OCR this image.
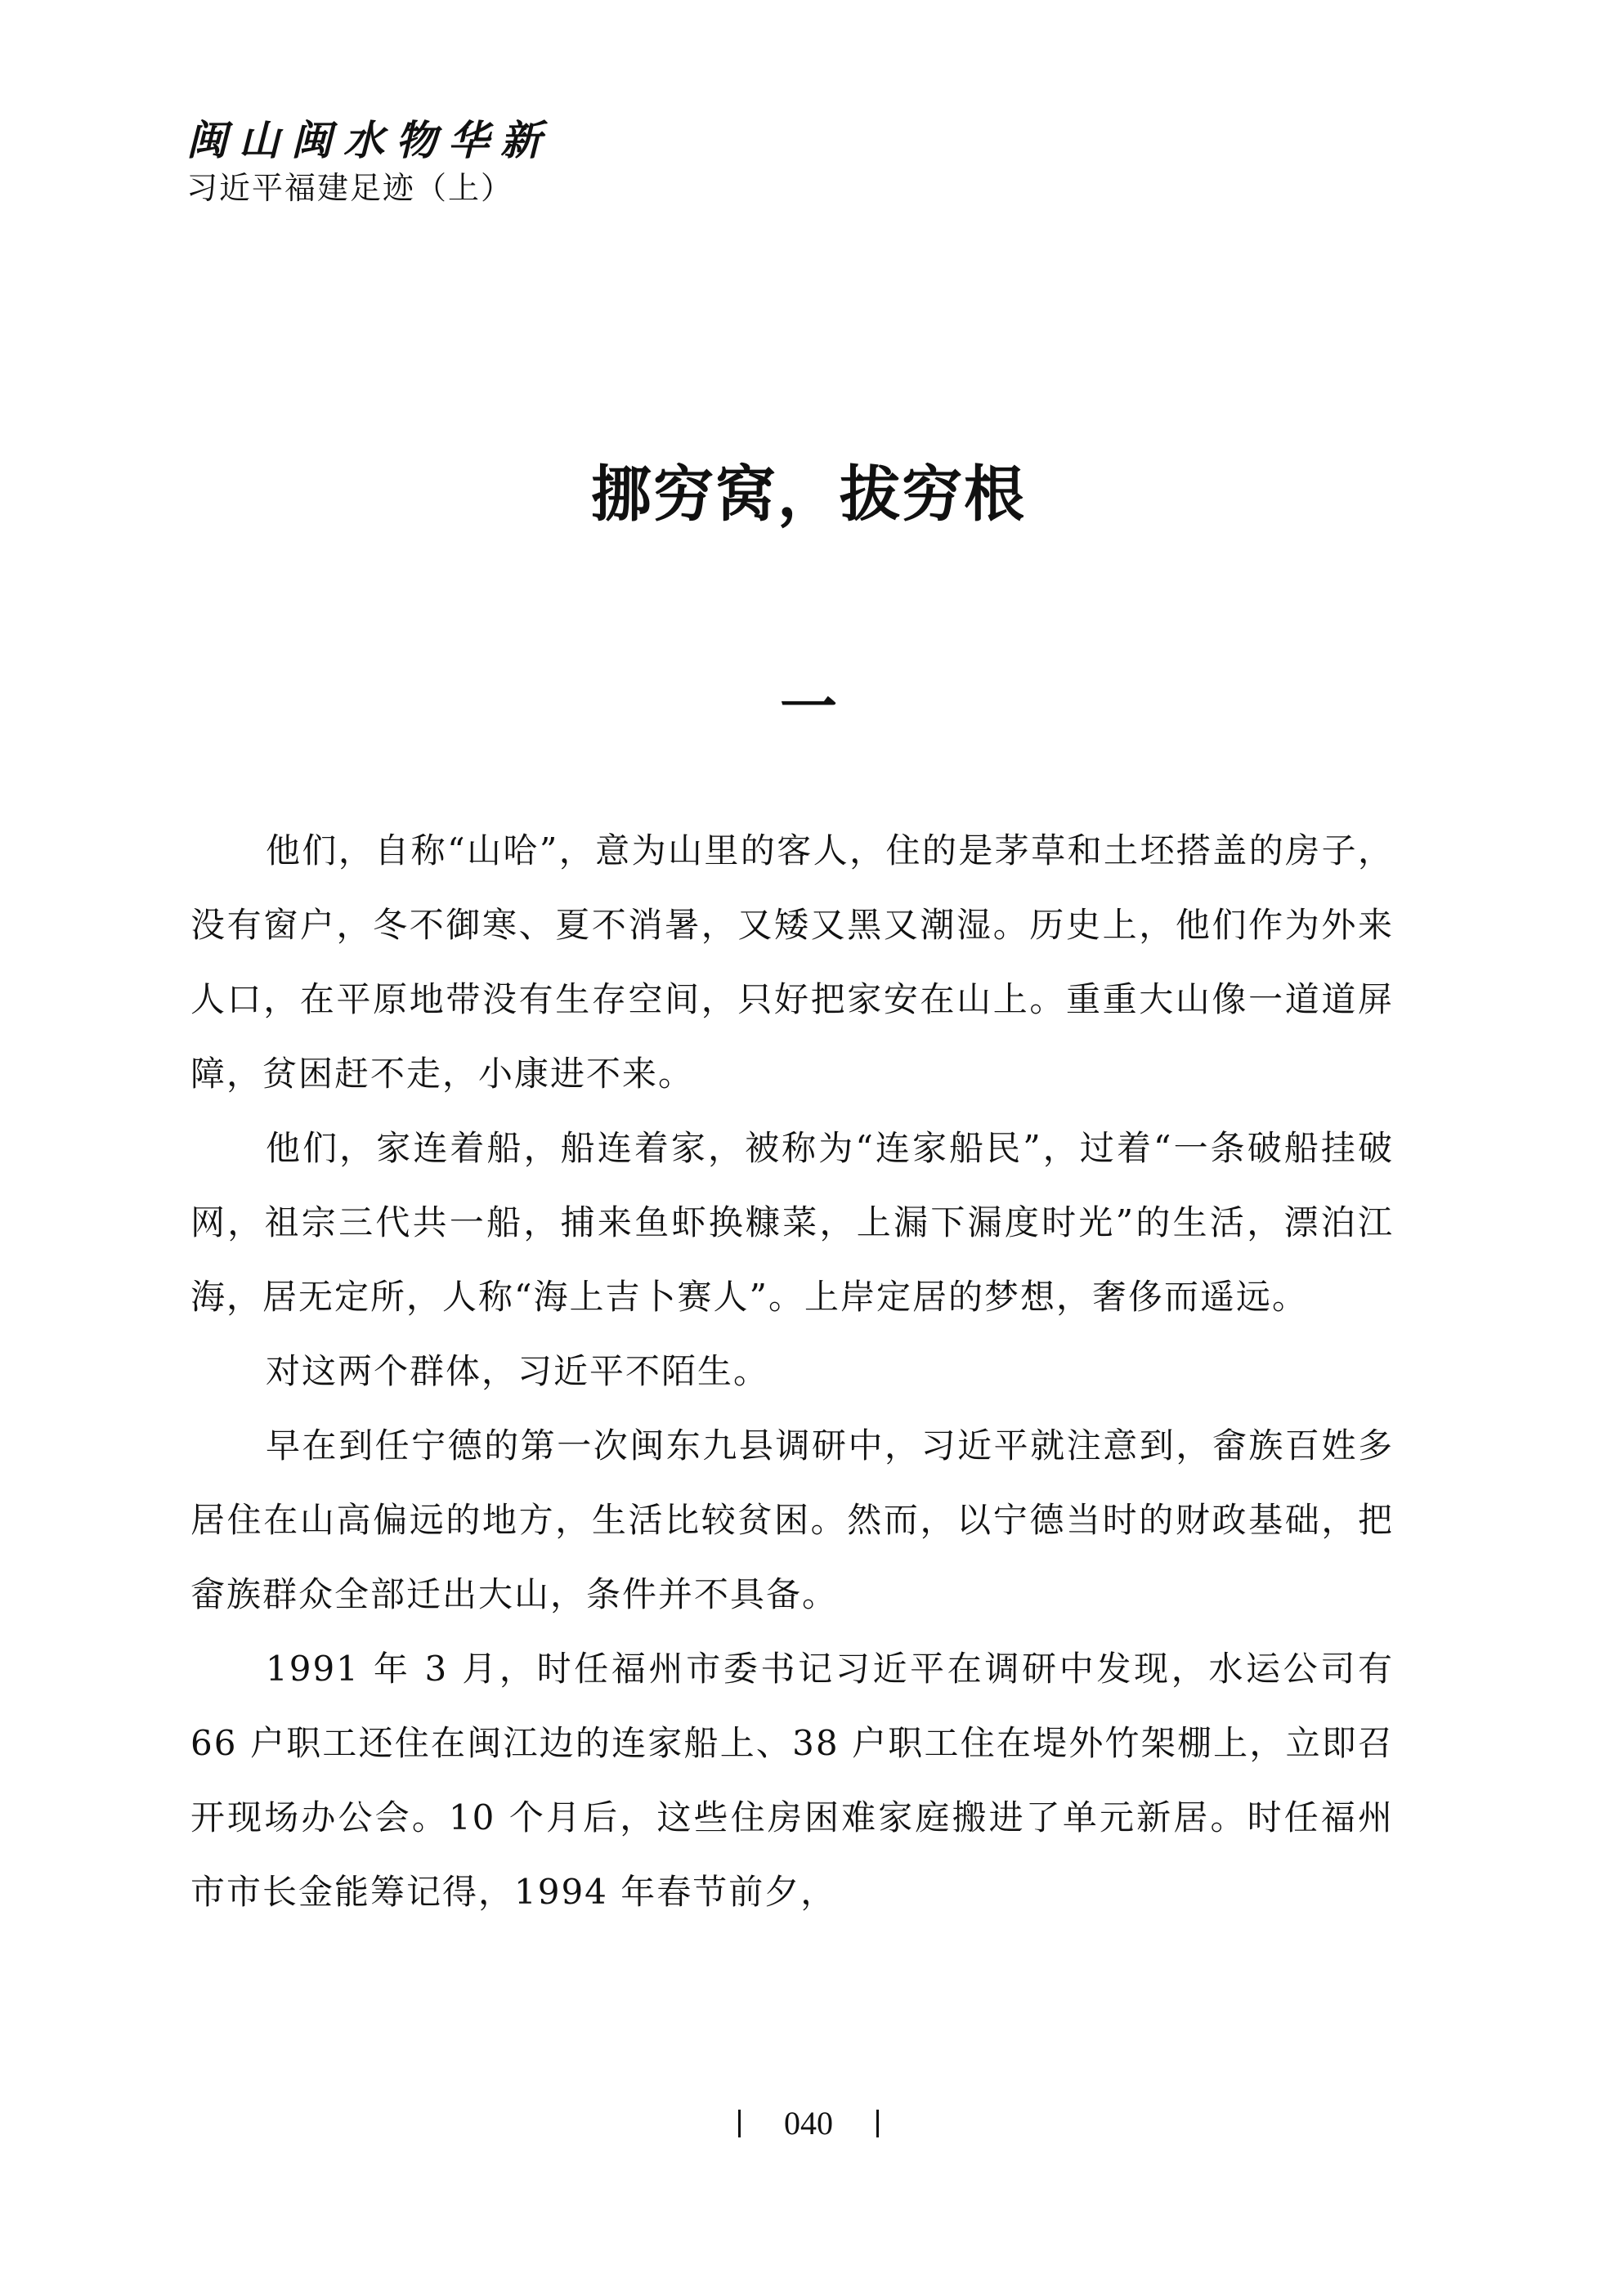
闽山闽水物华新
习近平福建足迹（上）
挪穷窝，拔穷根
一

他们，自称“山哈”，意为山里的客人，住的是茅草和土坯搭盖的房子，没有窗户，冬不御寒、夏不消暑，又矮又黑又潮湿。历史上，他们作为外来人口，在平原地带没有生存空间，只好把家安在山上。重重大山像一道道屏障，贫困赶不走，小康进不来。

他们，家连着船，船连着家，被称为“连家船民”，过着“一条破船挂破网，祖宗三代共一船，捕来鱼虾换糠菜，上漏下漏度时光”的生活，漂泊江海，居无定所，人称“海上吉卜赛人”。上岸定居的梦想，奢侈而遥远。

对这两个群体，习近平不陌生。

早在到任宁德的第一次闽东九县调研中，习近平就注意到，畲族百姓多居住在山高偏远的地方，生活比较贫困。然而，以宁德当时的财政基础，把畲族群众全部迁出大山，条件并不具备。

1991 年 3 月，时任福州市委书记习近平在调研中发现，水运公司有 66 户职工还住在闽江边的连家船上、38 户职工住在堤外竹架棚上，立即召开现场办公会。10 个月后，这些住房困难家庭搬进了单元新居。时任福州市市长金能筹记得，1994 年春节前夕，

040
